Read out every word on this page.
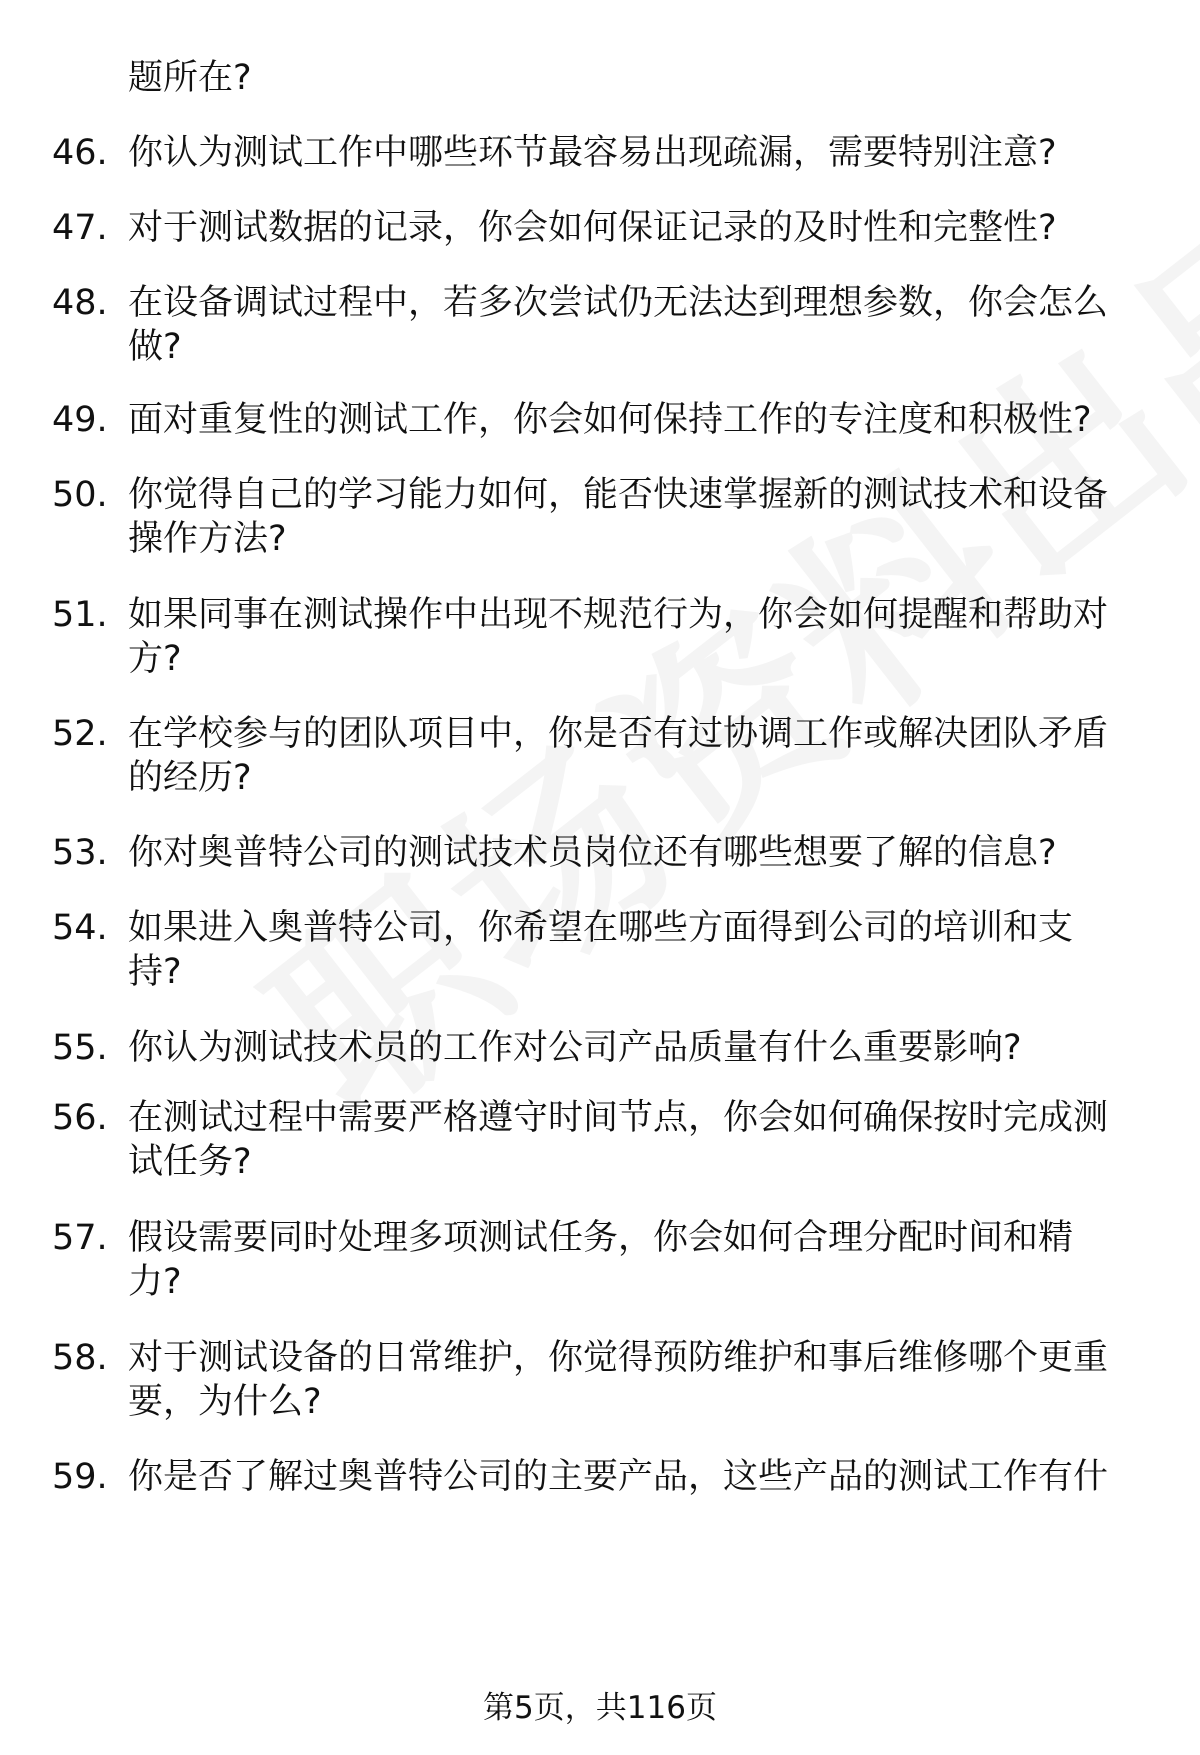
题所在?
46. 你认为测试工作中哪些环节最容易出现疏漏，需要特别注意?
47. 对于测试数据的记录，你会如何保证记录的及时性和完整性?
48. 在设备调试过程中，若多次尝试仍无法达到理想参数，你会怎么
做?
49. 面对重复性的测试工作，你会如何保持工作的专注度和积极性?
50. 你觉得自己的学习能力如何，能否快速掌握新的测试技术和设备
操作方法?
51. 如果同事在测试操作中出现不规范行为，你会如何提醒和帮助对
方?
52. 在学校参与的团队项目中，你是否有过协调工作或解决团队矛盾
的经历?
53. 你对奥普特公司的测试技术员岗位还有哪些想要了解的信息?
54. 如果进入奥普特公司，你希望在哪些方面得到公司的培训和支
持?
55. 你认为测试技术员的工作对公司产品质量有什么重要影响?
56. 在测试过程中需要严格遵守时间节点，你会如何确保按时完成测
试任务?
57. 假设需要同时处理多项测试任务，你会如何合理分配时间和精
力?
58. 对于测试设备的日常维护，你觉得预防维护和事后维修哪个更重
要，为什么?
59. 你是否了解过奥普特公司的主要产品，这些产品的测试工作有什
第5页，共116页
